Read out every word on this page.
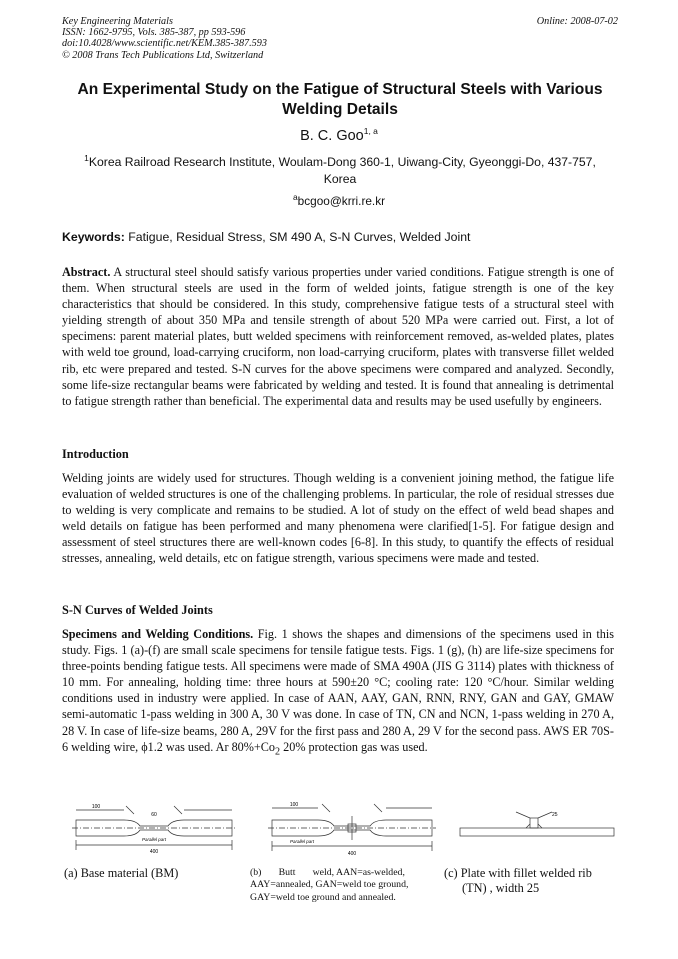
Key Engineering Materials
ISSN: 1662-9795, Vols. 385-387, pp 593-596
doi:10.4028/www.scientific.net/KEM.385-387.593
© 2008 Trans Tech Publications Ltd, Switzerland
Online: 2008-07-02
An Experimental Study on the Fatigue of Structural Steels with Various
Welding Details
B. C. Goo$^{1, a}$
$^1$Korea Railroad Research Institute, Woulam-Dong 360-1, Uiwang-City, Gyeonggi-Do, 437-757,
Korea
$^a$bcgoo@krri.re.kr
Keywords: Fatigue, Residual Stress, SM 490 A, S-N Curves, Welded Joint
Abstract. A structural steel should satisfy various properties under varied conditions. Fatigue strength is one of them. When structural steels are used in the form of welded joints, fatigue strength is one of the key characteristics that should be considered. In this study, comprehensive fatigue tests of a structural steel with yielding strength of about 350 MPa and tensile strength of about 520 MPa were carried out. First, a lot of specimens: parent material plates, butt welded specimens with reinforcement removed, as-welded plates, plates with weld toe ground, load-carrying cruciform, non load-carrying cruciform, plates with transverse fillet welded rib, etc were prepared and tested. S-N curves for the above specimens were compared and analyzed. Secondly, some life-size rectangular beams were fabricated by welding and tested. It is found that annealing is detrimental to fatigue strength rather than beneficial. The experimental data and results may be used usefully by engineers.
Introduction
Welding joints are widely used for structures. Though welding is a convenient joining method, the fatigue life evaluation of welded structures is one of the challenging problems. In particular, the role of residual stresses due to welding is very complicate and remains to be studied. A lot of study on the effect of weld bead shapes and weld details on fatigue has been performed and many phenomena were clarified[1-5]. For fatigue design and assessment of steel structures there are well-known codes [6-8]. In this study, to quantify the effects of residual stresses, annealing, weld details, etc on fatigue strength, various specimens were made and tested.
S-N Curves of Welded Joints
Specimens and Welding Conditions. Fig. 1 shows the shapes and dimensions of the specimens used in this study. Figs. 1 (a)-(f) are small scale specimens for tensile fatigue tests. Figs. 1 (g), (h) are life-size specimens for three-points bending fatigue tests. All specimens were made of SMA 490A (JIS G 3114) plates with thickness of 10 mm. For annealing, holding time: three hours at 590±20 °C; cooling rate: 120 °C/hour. Similar welding conditions used in industry were applied. In case of AAN, AAY, GAN, RNN, RNY, GAN and GAY, GMAW semi-automatic 1-pass welding in 300 A, 30 V was done. In case of TN, CN and NCN, 1-pass welding in 270 A, 28 V. In case of life-size beams, 280 A, 29V for the first pass and 280 A, 29 V for the second pass. AWS ER 70S-6 welding wire, ϕ1.2 was used. Ar $80\%+Co_2$ 20% protection gas was used.
400
100
Parallel part
60
400
100
Parallel part
25
(a) Base material (BM)	(b)       Butt       weld, AAN=as-welded,
AAY=annealed, GAN=weld toe ground,
GAY=weld toe ground and annealed.
(c) Plate with fillet welded rib
(TN) , width 25
